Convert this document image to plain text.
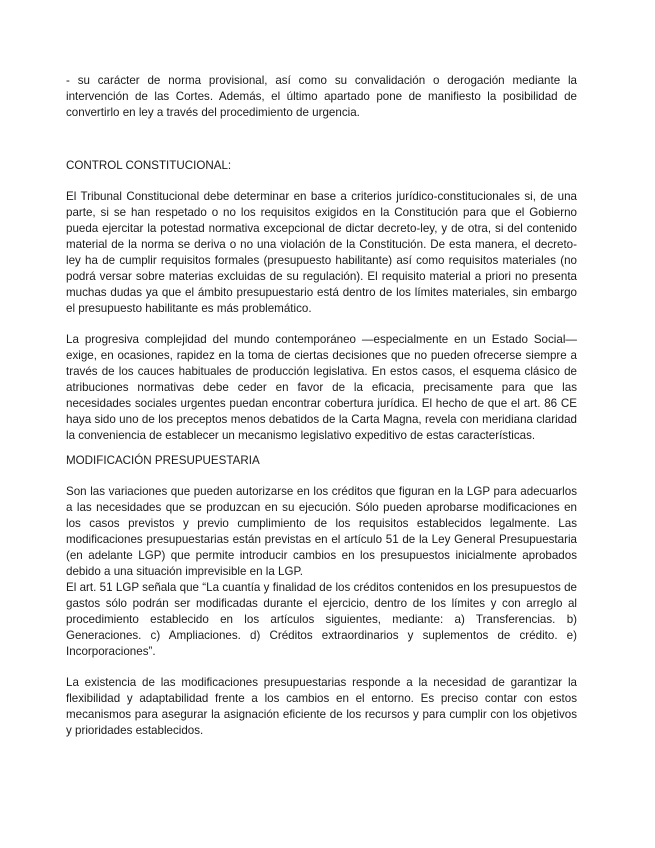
- su carácter de norma provisional, así como su convalidación o derogación mediante la intervención de las Cortes. Además, el último apartado pone de manifiesto la posibilidad de convertirlo en ley a través del procedimiento de urgencia.

CONTROL CONSTITUCIONAL:

El Tribunal Constitucional debe determinar en base a criterios jurídico-constitucionales si, de una parte, si se han respetado o no los requisitos exigidos en la Constitución para que el Gobierno pueda ejercitar la potestad normativa excepcional de dictar decreto-ley, y de otra, si del contenido material de la norma se deriva o no una violación de la Constitución. De esta manera, el decreto-ley ha de cumplir requisitos formales (presupuesto habilitante) así como requisitos materiales (no podrá versar sobre materias excluidas de su regulación). El requisito material a priori no presenta muchas dudas ya que el ámbito presupuestario está dentro de los límites materiales, sin embargo el presupuesto habilitante es más problemático.

La progresiva complejidad del mundo contemporáneo —especialmente en un Estado Social— exige, en ocasiones, rapidez en la toma de ciertas decisiones que no pueden ofrecerse siempre a través de los cauces habituales de producción legislativa. En estos casos, el esquema clásico de atribuciones normativas debe ceder en favor de la eficacia, precisamente para que las necesidades sociales urgentes puedan encontrar cobertura jurídica. El hecho de que el art. 86 CE haya sido uno de los preceptos menos debatidos de la Carta Magna, revela con meridiana claridad la conveniencia de establecer un mecanismo legislativo expeditivo de estas características.

MODIFICACIÓN PRESUPUESTARIA

Son las variaciones que pueden autorizarse en los créditos que figuran en la LGP para adecuarlos a las necesidades que se produzcan en su ejecución. Sólo pueden aprobarse modificaciones en los casos previstos y previo cumplimiento de los requisitos establecidos legalmente. Las modificaciones presupuestarias están previstas en el artículo 51 de la Ley General Presupuestaria (en adelante LGP) que permite introducir cambios en los presupuestos inicialmente aprobados debido a una situación imprevisible en la LGP.

El art. 51 LGP señala que “La cuantía y finalidad de los créditos contenidos en los presupuestos de gastos sólo podrán ser modificadas durante el ejercicio, dentro de los límites y con arreglo al procedimiento establecido en los artículos siguientes, mediante: a) Transferencias. b) Generaciones. c) Ampliaciones. d) Créditos extraordinarios y suplementos de crédito. e) Incorporaciones”.

La existencia de las modificaciones presupuestarias responde a la necesidad de garantizar la flexibilidad y adaptabilidad frente a los cambios en el entorno. Es preciso contar con estos mecanismos para asegurar la asignación eficiente de los recursos y para cumplir con los objetivos y prioridades establecidos.
